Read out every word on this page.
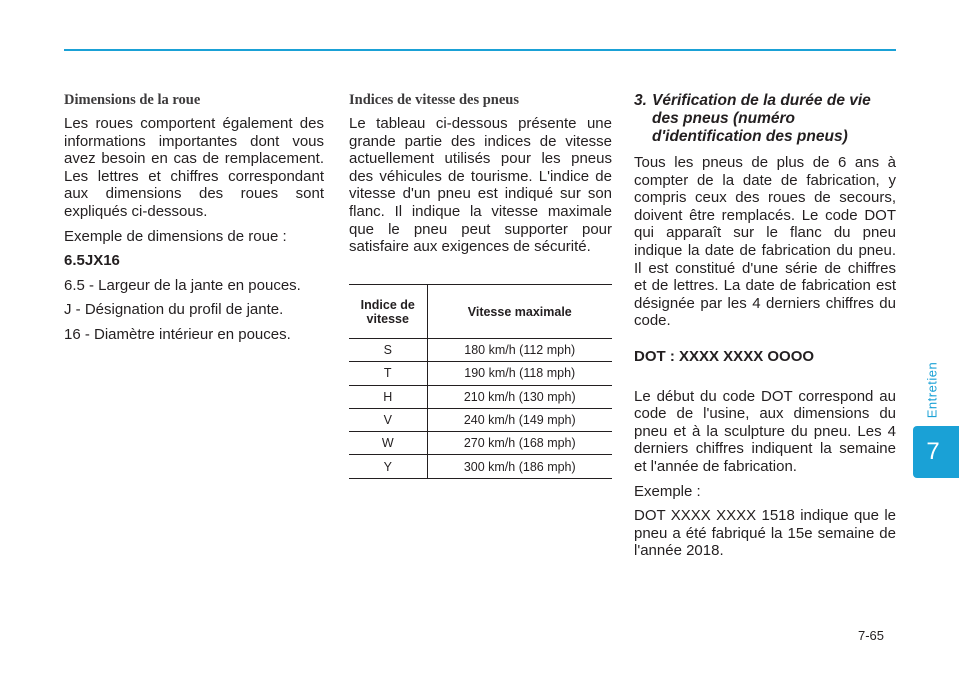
Dimensions de la roue

Les roues comportent également des informations importantes dont vous avez besoin en cas de remplacement. Les lettres et chiffres correspondant aux dimensions des roues sont expliqués ci-dessous.

Exemple de dimensions de roue :

6.5JX16

6.5 - Largeur de la jante en pouces.

J - Désignation du profil de jante.

16 - Diamètre intérieur en pouces.

Indices de vitesse des pneus

Le tableau ci-dessous présente une grande partie des indices de vitesse actuellement utilisés pour les pneus des véhicules de tourisme. L'indice de vitesse d'un pneu est indiqué sur son flanc. Il indique la vitesse maximale que le pneu peut supporter pour satisfaire aux exigences de sécurité.

Indice de vitesse	Vitesse maximale
S	180 km/h (112 mph)
T	190 km/h (118 mph)
H	210 km/h (130 mph)
V	240 km/h (149 mph)
W	270 km/h (168 mph)
Y	300 km/h (186 mph)
3. Vérification de la durée de vie
des pneus (numéro d'identification des pneus)

Tous les pneus de plus de 6 ans à compter de la date de fabrication, y compris ceux des roues de secours, doivent être remplacés. Le code DOT qui apparaît sur le flanc du pneu indique la date de fabrication du pneu. Il est constitué d'une série de chiffres et de lettres. La date de fabrication est désignée par les 4 derniers chiffres du code.

DOT : XXXX XXXX OOOO

Le début du code DOT correspond au code de l'usine, aux dimensions du pneu et à la sculpture du pneu. Les 4 derniers chiffres indiquent la semaine et l'année de fabrication.

Exemple :

DOT XXXX XXXX 1518 indique que le pneu a été fabriqué la 15e semaine de l'année 2018.

Entretien
7
7-65
